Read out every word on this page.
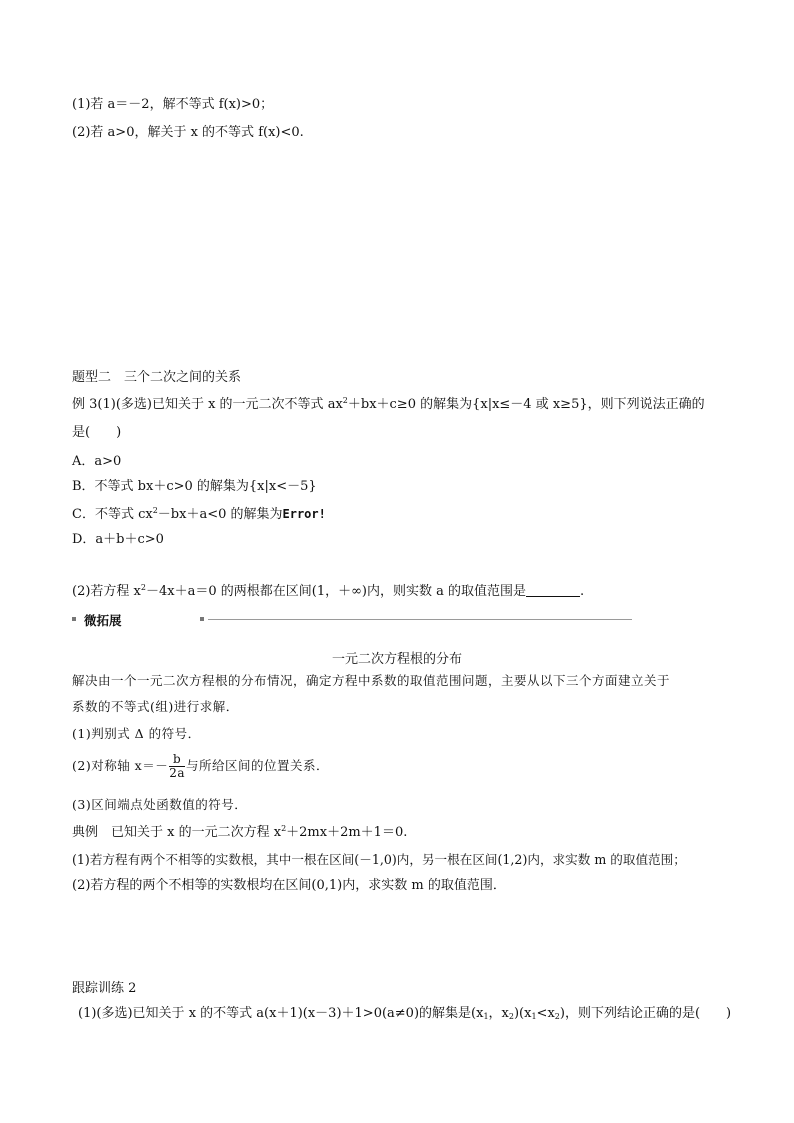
(1)若 a＝－2，解不等式 f(x)>0；
(2)若 a>0，解关于 x 的不等式 f(x)<0.
题型二　三个二次之间的关系
例 3(1)(多选)已知关于 x 的一元二次不等式 $ax^2+bx+c\ge 0$ 的解集为{x|x≤－4 或 x≥5}，则下列说法正确的
是(　　)
A．a>0
B．不等式 bx＋c>0 的解集为{x|x<－5}
C．不等式 $cx^2-bx+a<0$ 的解集为Error!
D．a＋b＋c>0
(2)若方程 $x^2-4x+a=0$ 的两根都在区间(1，＋∞)内，则实数 a 的取值范围是	.
微拓展
一元二次方程根的分布
解决由一个一元二次方程根的分布情况，确定方程中系数的取值范围问题，主要从以下三个方面建立关于
系数的不等式(组)进行求解．
(1)判别式 Δ 的符号．
(2)对称轴 $x=- \frac{b}{2a}$ 与所给区间的位置关系．
(3)区间端点处函数值的符号．
典例　已知关于 x 的一元二次方程 $x^2+2mx+2m+1=0$.
(1)若方程有两个不相等的实数根，其中一根在区间(－1,0)内，另一根在区间(1,2)内，求实数 m 的取值范围；
(2)若方程的两个不相等的实数根均在区间(0,1)内，求实数 m 的取值范围．
跟踪训练 2
(1)(多选)已知关于 x 的不等式 a(x＋1)(x－3)＋1>0(a≠0)的解集是($x_1$，$x_2)(x_1<x_2)$，则下列结论正确的是(　　)
